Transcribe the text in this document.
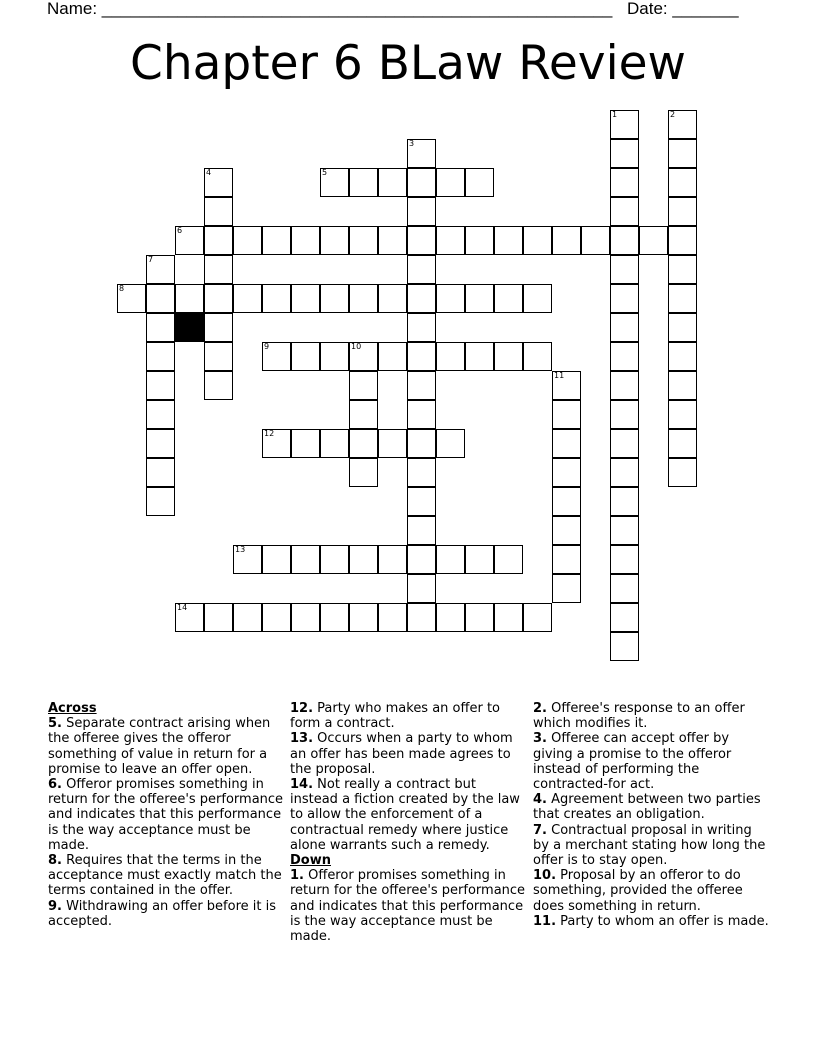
Name: ______________________________________________________ Date: _______
Chapter 6 BLaw Review
5
6
8
9	10
12
13
14
1	2
3
4
7
11

Across

5. Separate contract arising when the offeree gives the offeror something of value in return for a promise to leave an offer open.

6. Offeror promises something in return for the offeree's performance and indicates that this performance is the way acceptance must be made.

8. Requires that the terms in the acceptance must exactly match the terms contained in the offer.

9. Withdrawing an offer before it is accepted.

12. Party who makes an offer to form a contract.

13. Occurs when a party to whom an offer has been made agrees to the proposal.

14. Not really a contract but instead a fiction created by the law to allow the enforcement of a contractual remedy where justice alone warrants such a remedy.

Down

1. Offeror promises something in return for the offeree's performance and indicates that this performance is the way acceptance must be made.

2. Offeree's response to an offer which modifies it.

3. Offeree can accept offer by giving a promise to the offeror instead of performing the contracted-for act.

4. Agreement between two parties that creates an obligation.

7. Contractual proposal in writing by a merchant stating how long the offer is to stay open.

10. Proposal by an offeror to do something, provided the offeree does something in return.

11. Party to whom an offer is made.
